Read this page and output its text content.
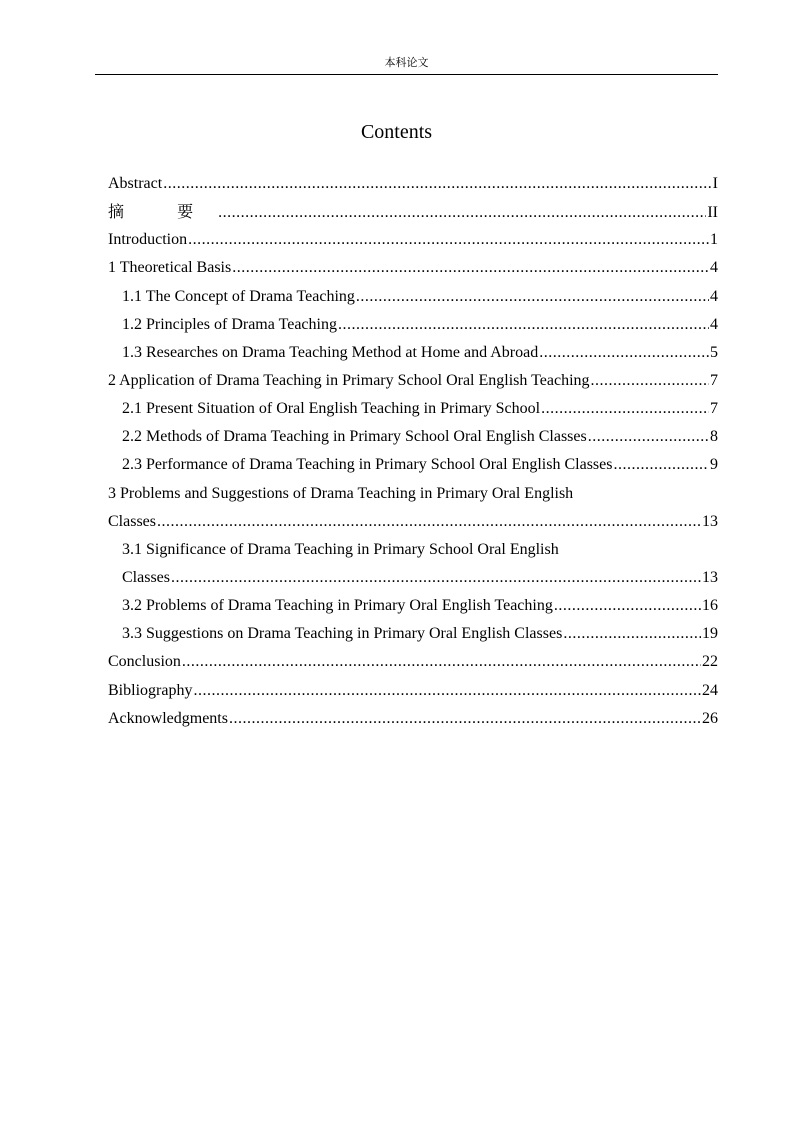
本科论文
Contents
Abstract .....	I
摘 要 .....	II
Introduction .....	1
1 Theoretical Basis .....	4
1.1 The Concept of Drama Teaching .....	4
1.2 Principles of Drama Teaching .....	4
1.3 Researches on Drama Teaching Method at Home and Abroad .....	5
2 Application of Drama Teaching in Primary School Oral English Teaching .....	7
2.1 Present Situation of Oral English Teaching in Primary School .....	7
2.2 Methods of Drama Teaching in Primary School Oral English Classes .....	8
2.3 Performance of Drama Teaching in Primary School Oral English Classes .....	9
3 Problems and Suggestions of Drama Teaching in Primary Oral English
Classes .....	13
3.1 Significance of Drama Teaching in Primary School Oral English
Classes .....	13
3.2 Problems of Drama Teaching in Primary Oral English Teaching .....	16
3.3 Suggestions on Drama Teaching in Primary Oral English Classes .....	19
Conclusion .....	22
Bibliography .....	24
Acknowledgments .....	26
